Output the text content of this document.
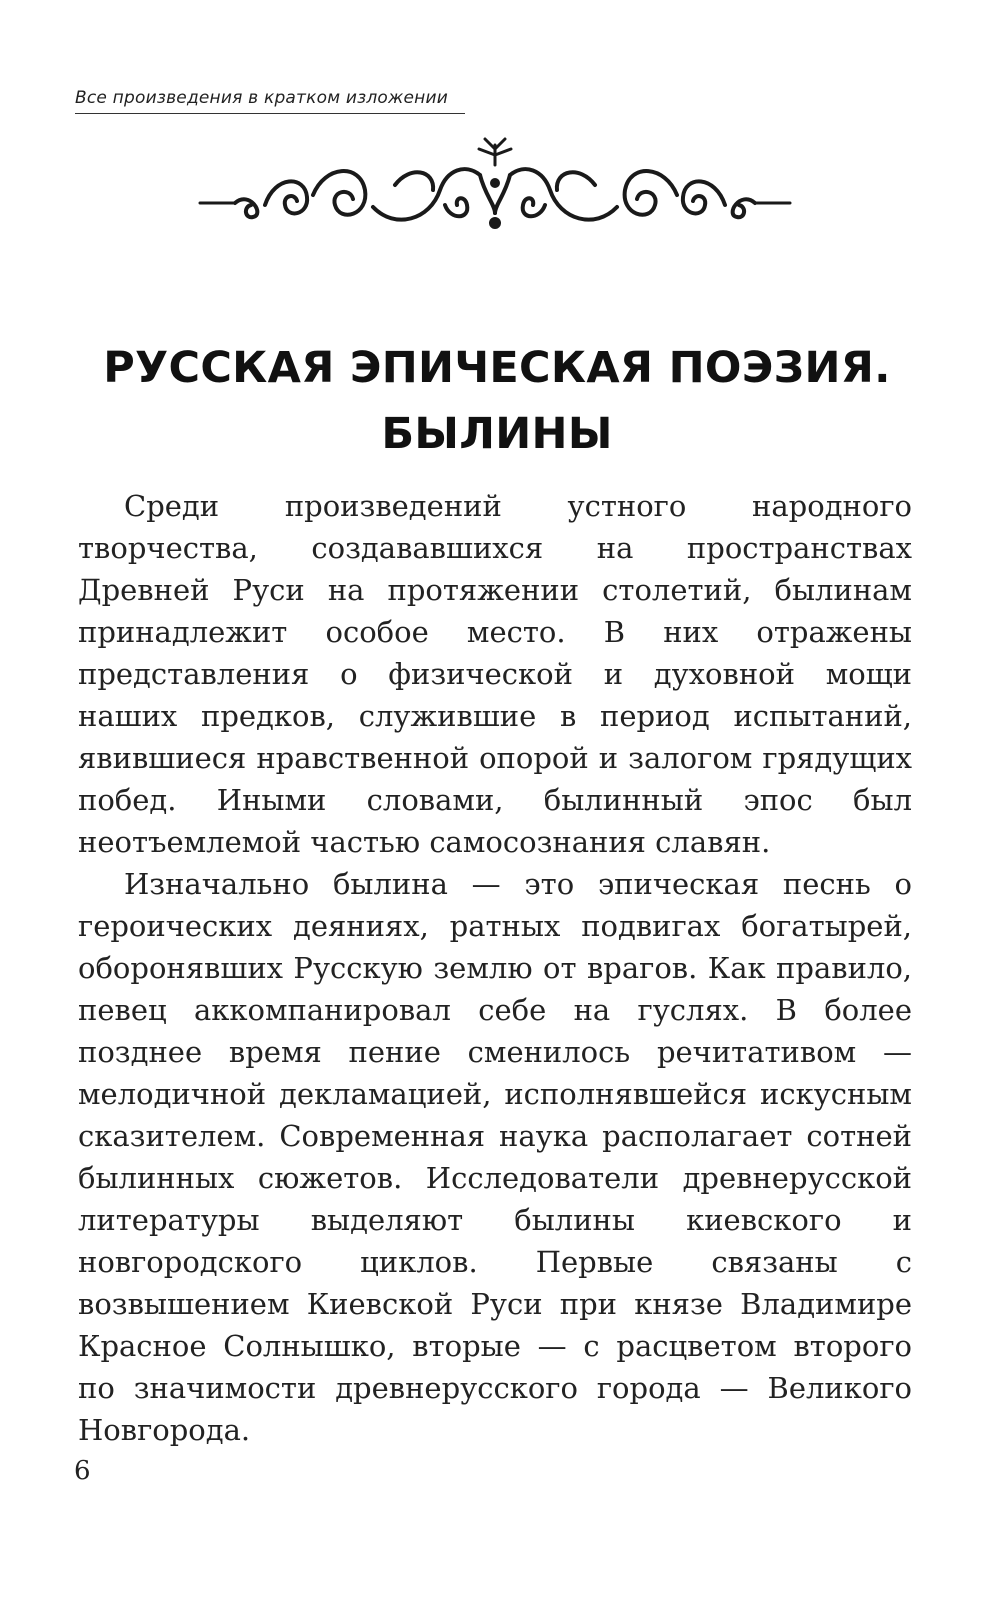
Все произведения в кратком изложении
РУССКАЯ ЭПИЧЕСКАЯ ПОЭЗИЯ.
БЫЛИНЫ

Среди произведений устного народного творчества, создававшихся на пространствах Древней Руси на протяжении столетий, былинам принадлежит особое место. В них отражены представления о физической и духовной мощи наших предков, служившие в период испытаний, явившиеся нравственной опорой и залогом грядущих побед. Иными словами, былинный эпос был неотъемлемой частью самосознания славян.

Изначально былина — это эпическая песнь о героических деяниях, ратных подвигах богатырей, оборонявших Русскую землю от врагов. Как правило, певец аккомпанировал себе на гуслях. В более позднее время пение сменилось речитативом — мелодичной декламацией, исполнявшейся искусным сказителем. Современная наука располагает сотней былинных сюжетов. Исследователи древнерусской литературы выделяют былины киевского и новгородского циклов. Первые связаны с возвышением Киевской Руси при князе Владимире Красное Солнышко, вторые — с расцветом второго по значимости древнерусского города — Великого Новгорода.

6
